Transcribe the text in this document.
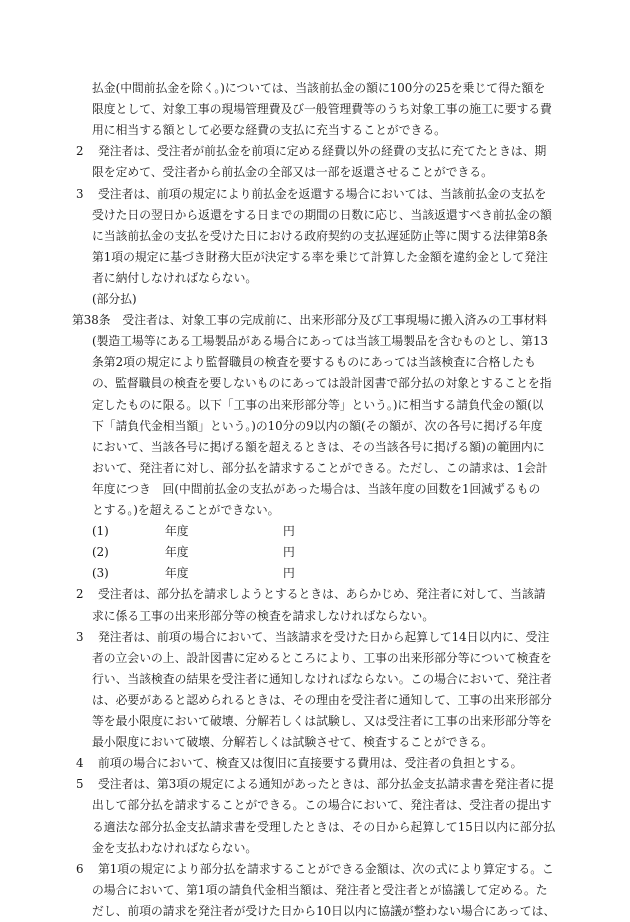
払金(中間前払金を除く。)については、当該前払金の額に100分の25を乗じて得た額を
限度として、対象工事の現場管理費及び一般管理費等のうち対象工事の施工に要する費
用に相当する額として必要な経費の支払に充当することができる。
2 発注者は、受注者が前払金を前項に定める経費以外の経費の支払に充てたときは、期
限を定めて、受注者から前払金の全部又は一部を返還させることができる。
3 受注者は、前項の規定により前払金を返還する場合においては、当該前払金の支払を
受けた日の翌日から返還をする日までの期間の日数に応じ、当該返還すべき前払金の額
に当該前払金の支払を受けた日における政府契約の支払遅延防止等に関する法律第8条
第1項の規定に基づき財務大臣が決定する率を乗じて計算した金額を違約金として発注
者に納付しなければならない。
(部分払)
第38条　受注者は、対象工事の完成前に、出来形部分及び工事現場に搬入済みの工事材料
(製造工場等にある工場製品がある場合にあっては当該工場製品を含むものとし、第13
条第2項の規定により監督職員の検査を要するものにあっては当該検査に合格したも
の、監督職員の検査を要しないものにあっては設計図書で部分払の対象とすることを指
定したものに限る。以下「工事の出来形部分等」という。)に相当する請負代金の額(以
下「請負代金相当額」という。)の10分の9以内の額(その額が、次の各号に掲げる年度
において、当該各号に掲げる額を超えるときは、その当該各号に掲げる額)の範囲内に
おいて、発注者に対し、部分払を請求することができる。ただし、この請求は、1会計
年度につき　回(中間前払金の支払があった場合は、当該年度の回数を1回減ずるもの
とする。)を超えることができない。
(1)	年度	円
(2)	年度	円
(3)	年度	円
2 受注者は、部分払を請求しようとするときは、あらかじめ、発注者に対して、当該請
求に係る工事の出来形部分等の検査を請求しなければならない。
3 発注者は、前項の場合において、当該請求を受けた日から起算して14日以内に、受注
者の立会いの上、設計図書に定めるところにより、工事の出来形部分等について検査を
行い、当該検査の結果を受注者に通知しなければならない。この場合において、発注者
は、必要があると認められるときは、その理由を受注者に通知して、工事の出来形部分
等を最小限度において破壊、分解若しくは試験し、又は受注者に工事の出来形部分等を
最小限度において破壊、分解若しくは試験させて、検査することができる。
4 前項の場合において、検査又は復旧に直接要する費用は、受注者の負担とする。
5 受注者は、第3項の規定による通知があったときは、部分払金支払請求書を発注者に提
出して部分払を請求することができる。この場合において、発注者は、受注者の提出す
る適法な部分払金支払請求書を受理したときは、その日から起算して15日以内に部分払
金を支払わなければならない。
6 第1項の規定により部分払を請求することができる金額は、次の式により算定する。こ
の場合において、第1項の請負代金相当額は、発注者と受注者とが協議して定める。た
だし、前項の請求を発注者が受けた日から10日以内に協議が整わない場合にあっては、
